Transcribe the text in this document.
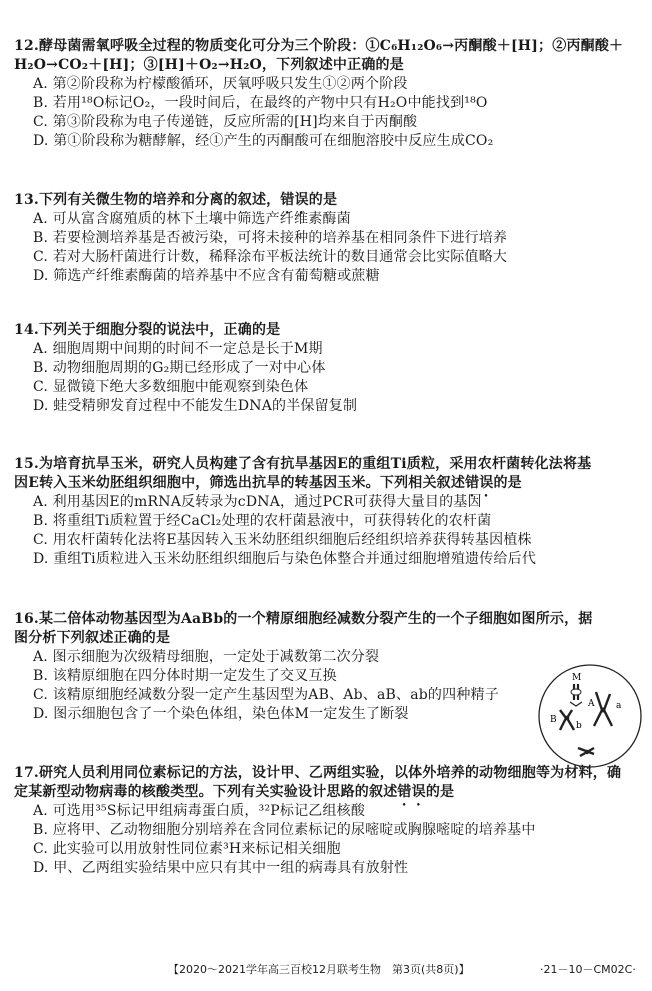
12.酵母菌需氧呼吸全过程的物质变化可分为三个阶段：①C₆H₁₂O₆→丙酮酸＋[H]；②丙酮酸＋
H₂O→CO₂＋[H]；③[H]＋O₂→H₂O，下列叙述中正确的是
A. 第②阶段称为柠檬酸循环，厌氧呼吸只发生①②两个阶段
B. 若用¹⁸O标记O₂，一段时间后，在最终的产物中只有H₂O中能找到¹⁸O
C. 第③阶段称为电子传递链，反应所需的[H]均来自于丙酮酸
D. 第①阶段称为糖酵解，经①产生的丙酮酸可在细胞溶胶中反应生成CO₂
13.下列有关微生物的培养和分离的叙述，错误的是
A. 可从富含腐殖质的林下土壤中筛选产纤维素酶菌
B. 若要检测培养基是否被污染，可将未接种的培养基在相同条件下进行培养
C. 若对大肠杆菌进行计数，稀释涂布平板法统计的数目通常会比实际值略大
D. 筛选产纤维素酶菌的培养基中不应含有葡萄糖或蔗糖
14.下列关于细胞分裂的说法中，正确的是
A. 细胞周期中间期的时间不一定总是长于M期
B. 动物细胞周期的G₂期已经形成了一对中心体
C. 显微镜下绝大多数细胞中能观察到染色体
D. 蛙受精卵发育过程中不能发生DNA的半保留复制
15.为培育抗旱玉米，研究人员构建了含有抗旱基因E的重组Ti质粒，采用农杆菌转化法将基
因E转入玉米幼胚组织细胞中，筛选出抗旱的转基因玉米。下列相关叙述错误的是
A. 利用基因E的mRNA反转录为cDNA，通过PCR可获得大量目的基因
B. 将重组Ti质粒置于经CaCl₂处理的农杆菌悬液中，可获得转化的农杆菌
C. 用农杆菌转化法将E基因转入玉米幼胚组织细胞后经组织培养获得转基因植株
D. 重组Ti质粒进入玉米幼胚组织细胞后与染色体整合并通过细胞增殖遗传给后代
16.某二倍体动物基因型为AaBb的一个精原细胞经减数分裂产生的一个子细胞如图所示，据
图分析下列叙述正确的是
A. 图示细胞为次级精母细胞，一定处于减数第二次分裂
B. 该精原细胞在四分体时期一定发生了交叉互换
C. 该精原细胞经减数分裂一定产生基因型为AB、Ab、aB、ab的四种精子
D. 图示细胞包含了一个染色体组，染色体M一定发生了断裂
M
A a
B
b
17.研究人员利用同位素标记的方法，设计甲、乙两组实验，以体外培养的动物细胞等为材料，确
定某新型动物病毒的核酸类型。下列有关实验设计思路的叙述错误的是
A. 可选用³⁵S标记甲组病毒蛋白质，³²P标记乙组核酸
B. 应将甲、乙动物细胞分别培养在含同位素标记的尿嘧啶或胸腺嘧啶的培养基中
C. 此实验可以用放射性同位素³H来标记相关细胞
D. 甲、乙两组实验结果中应只有其中一组的病毒具有放射性
【2020～2021学年高三百校12月联考生物　第3页(共8页)】	·21－10－CM02C·
